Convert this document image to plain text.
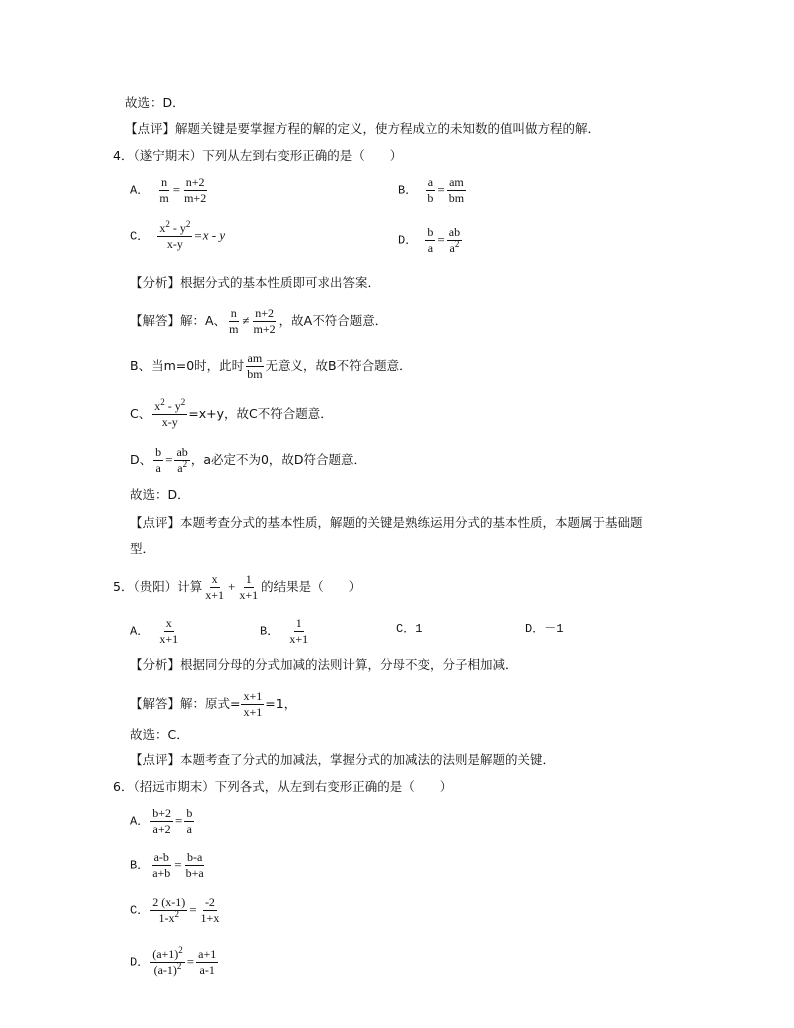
故选：D．
【点评】解题关键是要掌握方程的解的定义，使方程成立的未知数的值叫做方程的解．
4．（遂宁期末）下列从左到右变形正确的是（　　）
A． $\frac{n}{m} = \frac{n+2}{m+2}$	B． $\frac{a}{b} = \frac{am}{bm}$
C． $\frac{x^2 - y^2}{x-y} =x - y$	D． $\frac{b}{a} = \frac{ab}{a^2}$
【分析】根据分式的基本性质即可求出答案．
【解答】解：A、 $\frac{n}{m} \ne \frac{n+2}{m+2}$ ，故A不符合题意．
B、当m=0时，此时 $\frac{am}{bm}$ 无意义，故B不符合题意．
C、 $\frac{x^2 - y^2}{x-y} =x+y$，故C不符合题意．
D、 $\frac{b}{a} = \frac{ab}{a^2}$ ，a必定不为0，故D符合题意．
故选：D．
【点评】本题考查分式的基本性质，解题的关键是熟练运用分式的基本性质，本题属于基础题
型．
5．（贵阳）计算 $\frac{x}{x+1} + \frac{1}{x+1}$ 的结果是（　　）
A． $\frac{x}{x+1}$	B． $\frac{1}{x+1}$	C．1	D．－1
【分析】根据同分母的分式加减的法则计算，分母不变，分子相加减．
【解答】解：原式= $\frac{x+1}{x+1} =1$，
故选：C．
【点评】本题考查了分式的加减法，掌握分式的加减法的法则是解题的关键．
6．（招远市期末）下列各式，从左到右变形正确的是（　　）
A． $\frac{b+2}{a+2} = \frac{b}{a}$
B． $\frac{a-b}{a+b} = \frac{b-a}{b+a}$
C． $\frac{2 (x-1)}{1-x^2} = \frac{-2}{1+x}$
D． $\frac{(a+1)^2}{(a-1)^2} = \frac{a+1}{a-1}$
